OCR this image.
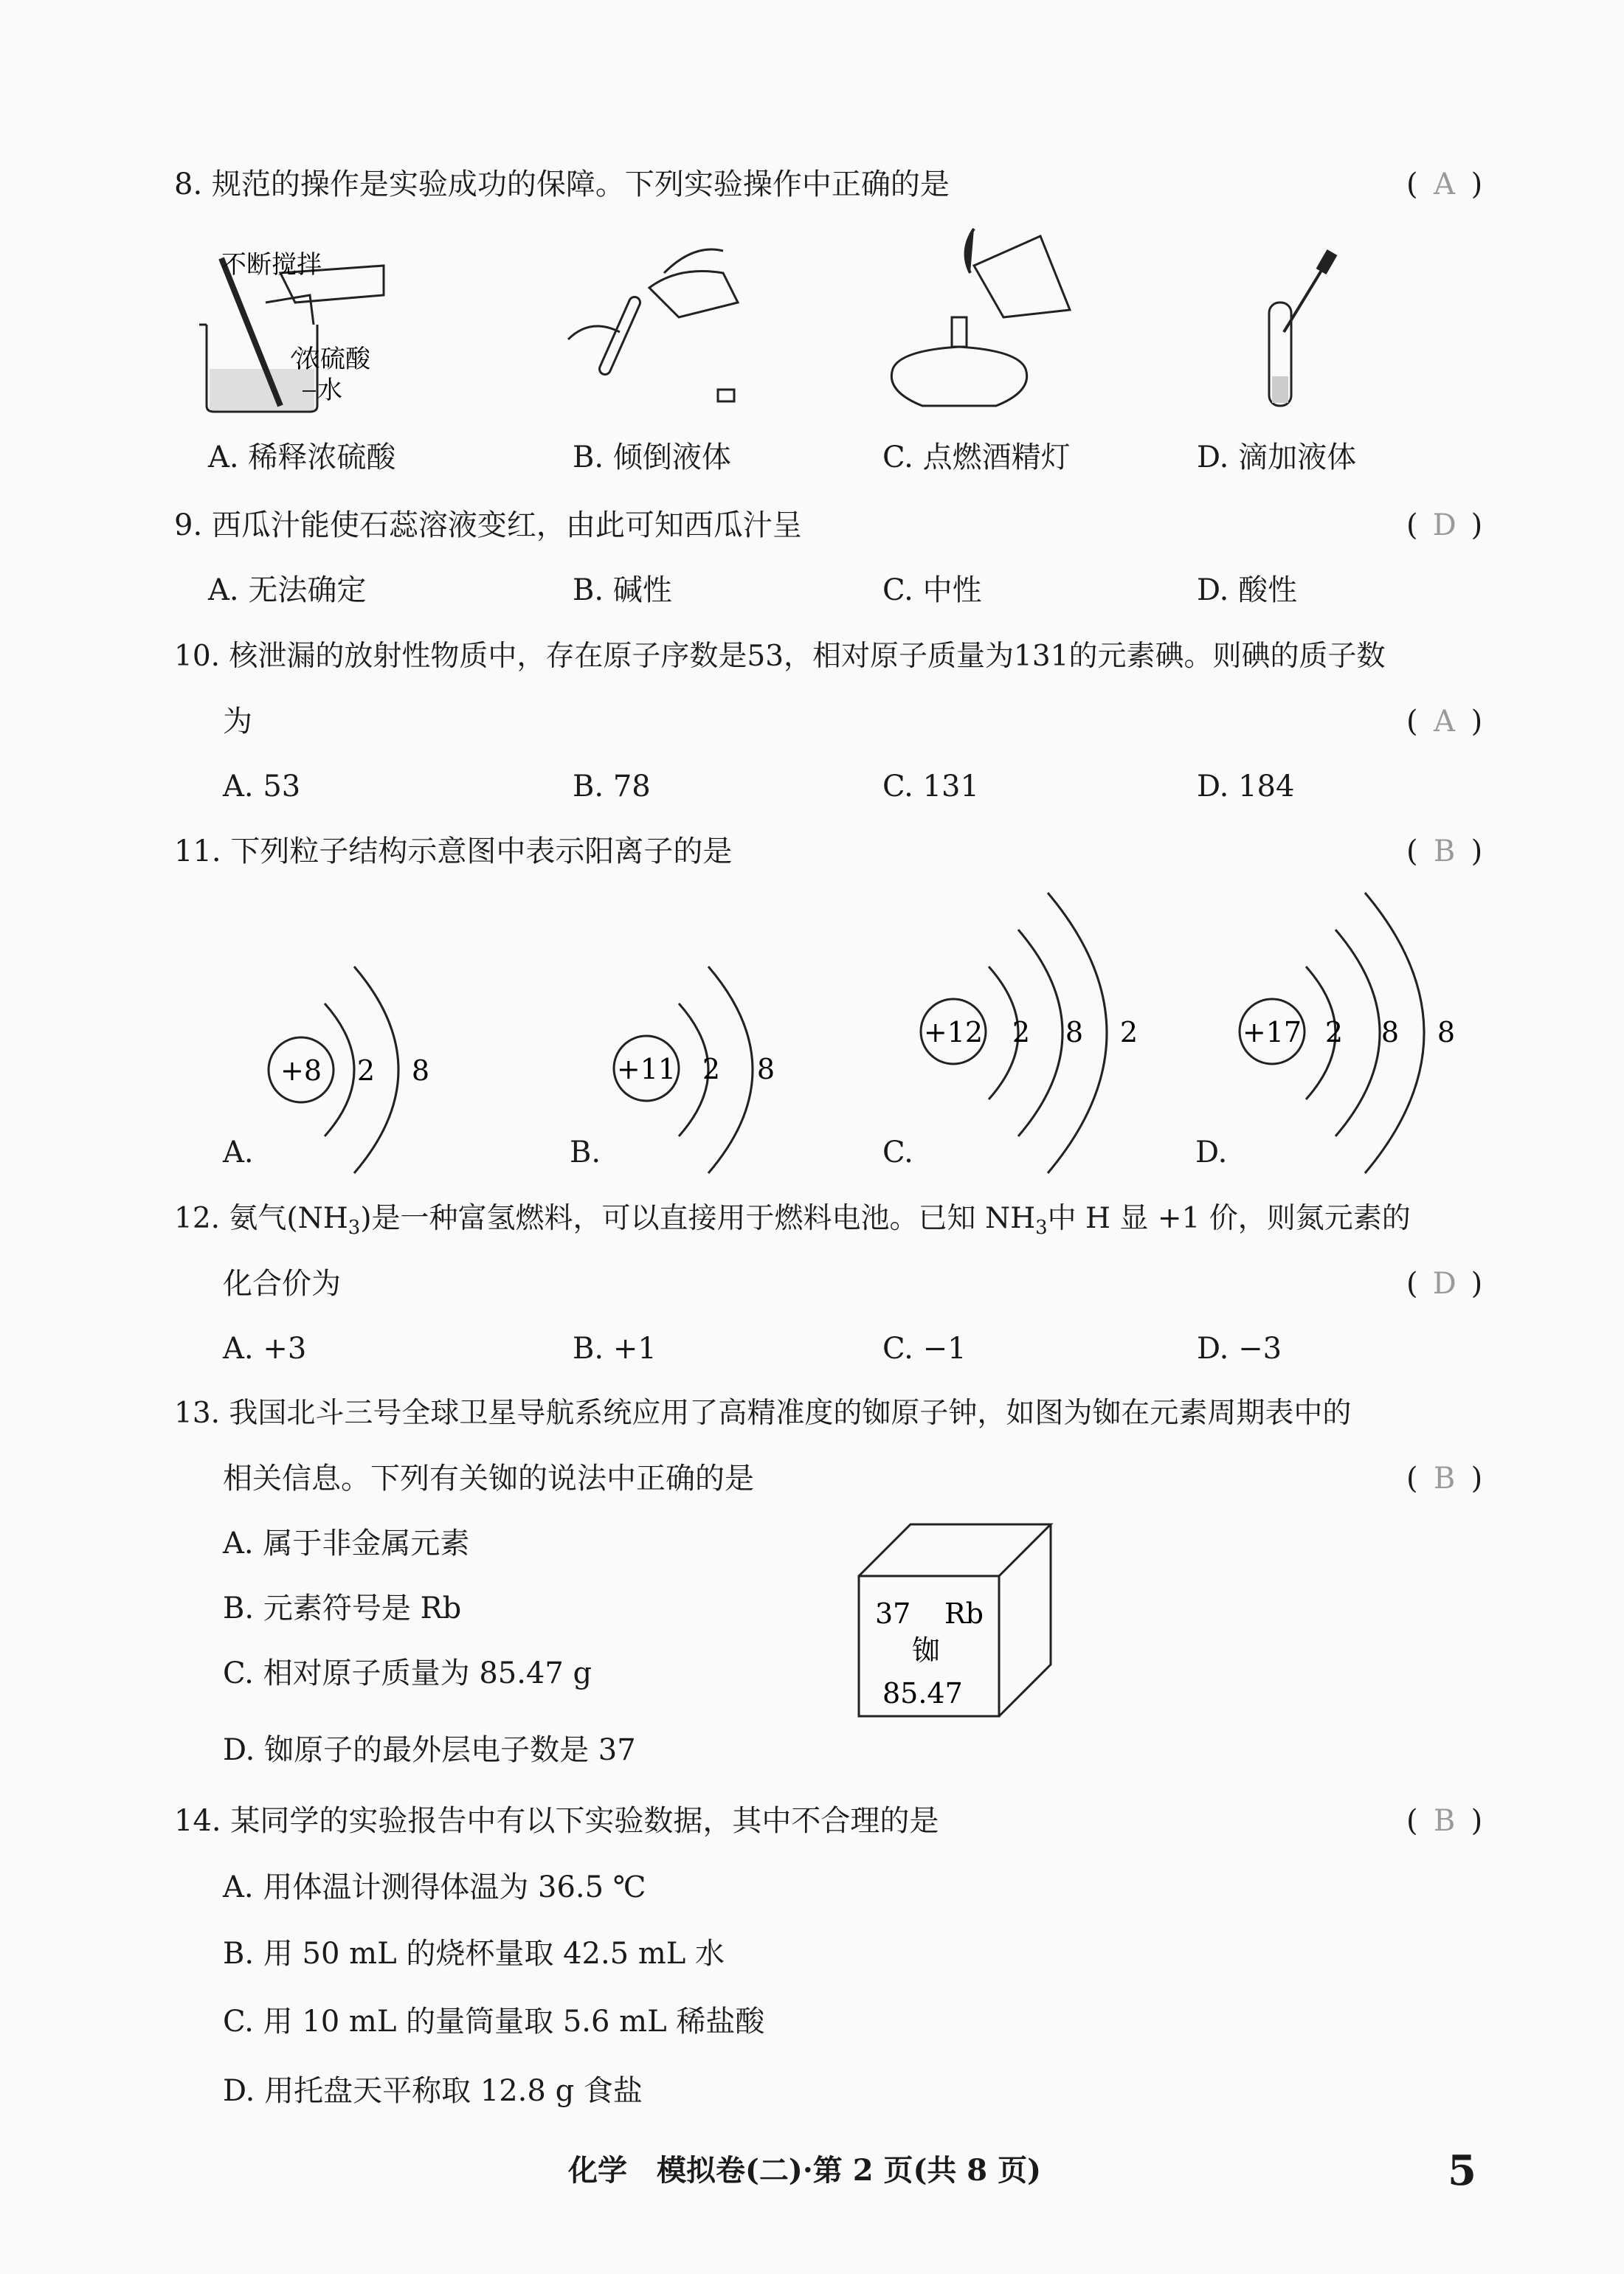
8. 规范的操作是实验成功的保障。下列实验操作中正确的是	( A )
不断搅拌
浓硫酸
水
A. 稀释浓硫酸	B. 倾倒液体	C. 点燃酒精灯	D. 滴加液体
9. 西瓜汁能使石蕊溶液变红，由此可知西瓜汁呈	( D )
A. 无法确定	B. 碱性	C. 中性	D. 酸性
10. 核泄漏的放射性物质中，存在原子序数是53，相对原子质量为131的元素碘。则碘的质子数
为	( A )
A. 53	B. 78	C. 131	D. 184
11. 下列粒子结构示意图中表示阳离子的是	( B )
+8 2 8	+11 2 8
+12 2 8 2	+17 2 8 8
A.	B.	C.	D.
12. 氨气$(NH_3)$是一种富氢燃料，可以直接用于燃料电池。已知 $NH_3$中 H 显 +1 价，则氮元素的
化合价为	( D )
A. +3	B. +1	C. −1	D. −3
13. 我国北斗三号全球卫星导航系统应用了高精准度的铷原子钟，如图为铷在元素周期表中的
相关信息。下列有关铷的说法中正确的是	( B )
A. 属于非金属元素
B. 元素符号是 Rb
C. 相对原子质量为 85.47 g
D. 铷原子的最外层电子数是 37
37 Rb
铷
85.47
14. 某同学的实验报告中有以下实验数据，其中不合理的是	( B )
A. 用体温计测得体温为 36.5 ℃
B. 用 50 mL 的烧杯量取 42.5 mL 水
C. 用 10 mL 的量筒量取 5.6 mL 稀盐酸
D. 用托盘天平称取 12.8 g 食盐
化学　模拟卷(二)·第 2 页(共 8 页)	5
